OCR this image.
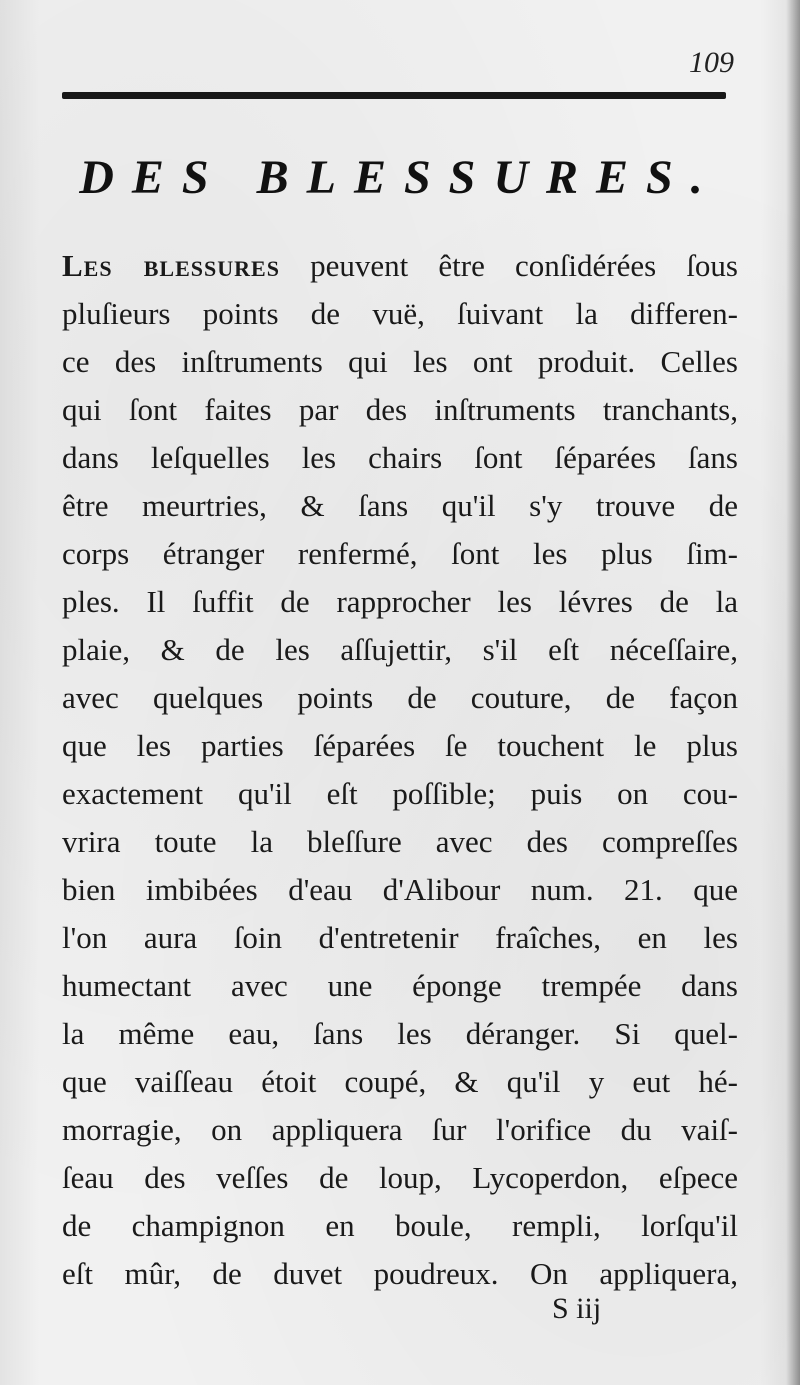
109
DES BLESSURES.
Les blessures peuvent être conſidérées ſous
pluſieurs points de vuë, ſuivant la differen-
ce des inſtruments qui les ont produit. Celles
qui ſont faites par des inſtruments tranchants,
dans leſquelles les chairs ſont ſéparées ſans
être meurtries, & ſans qu'il s'y trouve de
corps étranger renfermé, ſont les plus ſim-
ples. Il ſuffit de rapprocher les lévres de la
plaie, & de les aſſujettir, s'il eſt néceſſaire,
avec quelques points de couture, de façon
que les parties ſéparées ſe touchent le plus
exactement qu'il eſt poſſible; puis on cou-
vrira toute la bleſſure avec des compreſſes
bien imbibées d'eau d'Alibour num. 21. que
l'on aura ſoin d'entretenir fraîches, en les
humectant avec une éponge trempée dans
la même eau, ſans les déranger. Si quel-
que vaiſſeau étoit coupé, & qu'il y eut hé-
morragie, on appliquera ſur l'orifice du vaiſ-
ſeau des veſſes de loup, Lycoperdon, eſpece
de champignon en boule, rempli, lorſqu'il
eſt mûr, de duvet poudreux. On appliquera,
S iij
